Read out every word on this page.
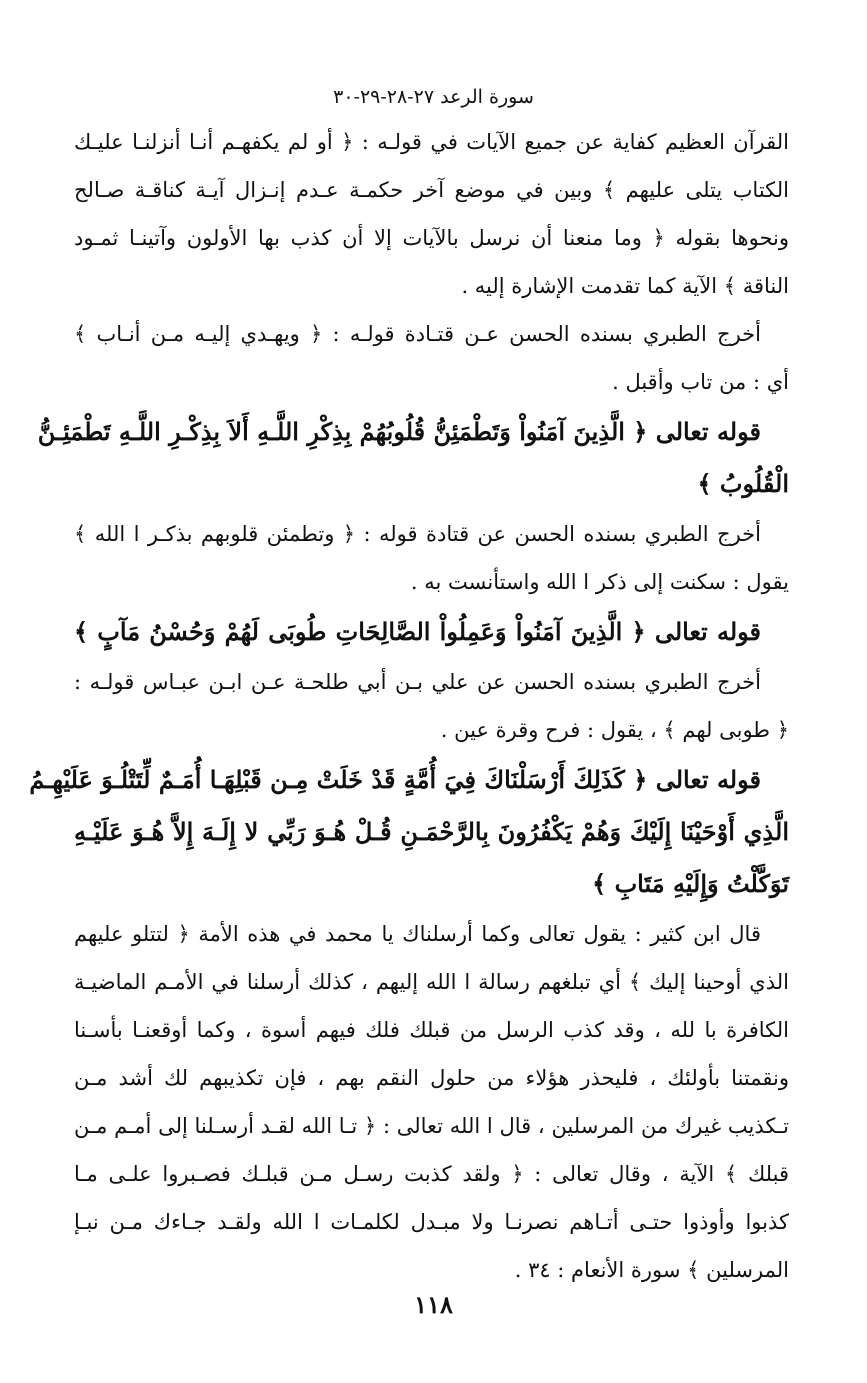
سورة الرعد ٢٧-٢٨-٢٩-٣٠
القرآن العظيم كفاية عن جميع الآيات في قولـه : ﴿ أو لم يكفهـم أنـا أنزلنـا عليـك
الكتاب يتلى عليهم ﴾ وبين في موضع آخر حكمـة عـدم إنـزال آيـة كناقـة صـالح
ونحوها بقوله ﴿ وما منعنا أن نرسل بالآيات إلا أن كذب بها الأولون وآتينـا ثمـود
الناقة ﴾ الآية كما تقدمت الإشارة إليه .
أخرج الطبري بسنده الحسن عـن قتـادة قولـه : ﴿ ويهـدي إليـه مـن أنـاب ﴾
أي : من تاب وأقبل .
قوله تعالى ﴿ الَّذِينَ آمَنُواْ وَتَطْمَئِنُّ قُلُوبُهُمْ بِذِكْرِ اللَّـهِ أَلاَ بِذِكْـرِ اللَّـهِ تَطْمَئِـنُّ
الْقُلُوبُ ﴾
أخرج الطبري بسنده الحسن عن قتادة قوله : ﴿ وتطمئن قلوبهم بذكـر ا الله ﴾
يقول : سكنت إلى ذكر ا الله واستأنست به .
قوله تعالى ﴿ الَّذِينَ آمَنُواْ وَعَمِلُواْ الصَّالِحَاتِ طُوبَى لَهُمْ وَحُسْنُ مَآبٍ ﴾
أخرج الطبري بسنده الحسن عن علي بـن أبي طلحـة عـن ابـن عبـاس قولـه :
﴿ طوبى لهم ﴾ ، يقول : فرح وقرة عين .
قوله تعالى ﴿ كَذَلِكَ أَرْسَلْنَاكَ فِيَ أُمَّةٍ قَدْ خَلَتْ مِـن قَبْلِهَـا أُمَـمٌ لِّتَتْلُـوَ عَلَيْهِـمُ
الَّذِي أَوْحَيْنَا إِلَيْكَ وَهُمْ يَكْفُرُونَ بِالرَّحْمَـنِ قُـلْ هُـوَ رَبِّي لا إِلَـهَ إِلاَّ هُـوَ عَلَيْـهِ
تَوَكَّلْتُ وَإِلَيْهِ مَتَابِ ﴾
قال ابن كثير : يقول تعالى وكما أرسلناك يا محمد في هذه الأمة ﴿ لتتلو عليهم
الذي أوحينا إليك ﴾ أي تبلغهم رسالة ا الله إليهم ، كذلك أرسلنا في الأمـم الماضيـة
الكافرة با لله ، وقد كذب الرسل من قبلك فلك فيهم أسوة ، وكما أوقعنـا بأسـنا
ونقمتنا بأولئك ، فليحذر هؤلاء من حلول النقم بهم ، فإن تكذيبهم لك أشد مـن
تـكذيب غيرك من المرسلين ، قال ا الله تعالى : ﴿ تـا الله لقـد أرسـلنا إلى أمـم مـن
قبلك ﴾ الآية ، وقال تعالى : ﴿ ولقد كذبت رسـل مـن قبلـك فصـبروا علـى مـا
كذبوا وأوذوا حتـى أتـاهم نصرنـا ولا مبـدل لكلمـات ا الله ولقـد جـاءك مـن نبـإ
المرسلين ﴾ سورة الأنعام : ٣٤ .
١١٨
